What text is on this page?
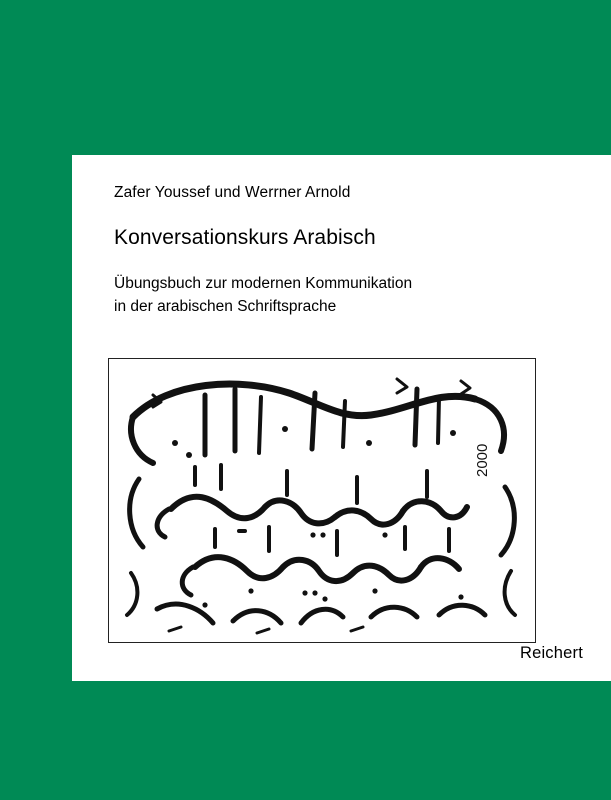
Zafer Youssef und Werrner Arnold
Konversationskurs Arabisch
Übungsbuch zur modernen Kommunikation
in der arabischen Schriftsprache
2000
Reichert
